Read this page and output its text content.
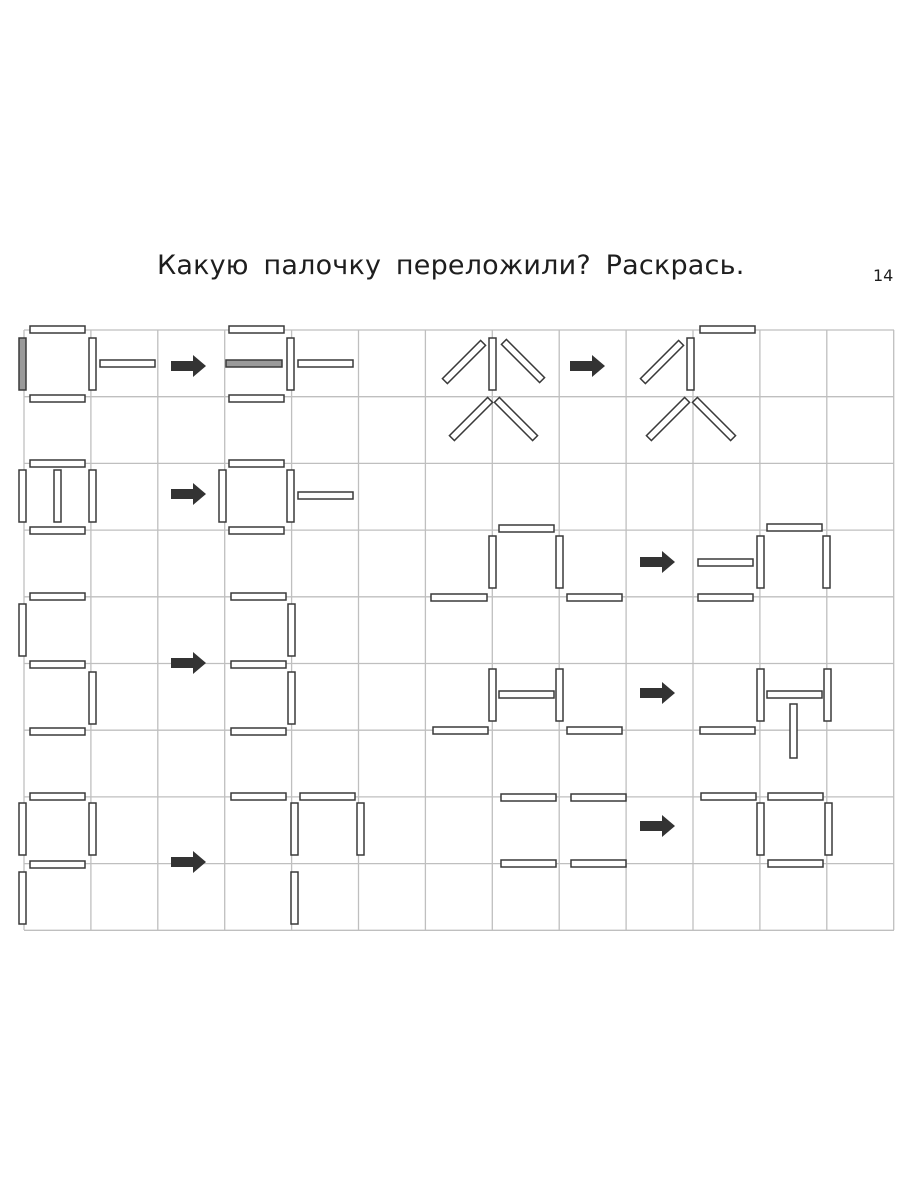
Какую палочку переложили? Раскрась.	14
